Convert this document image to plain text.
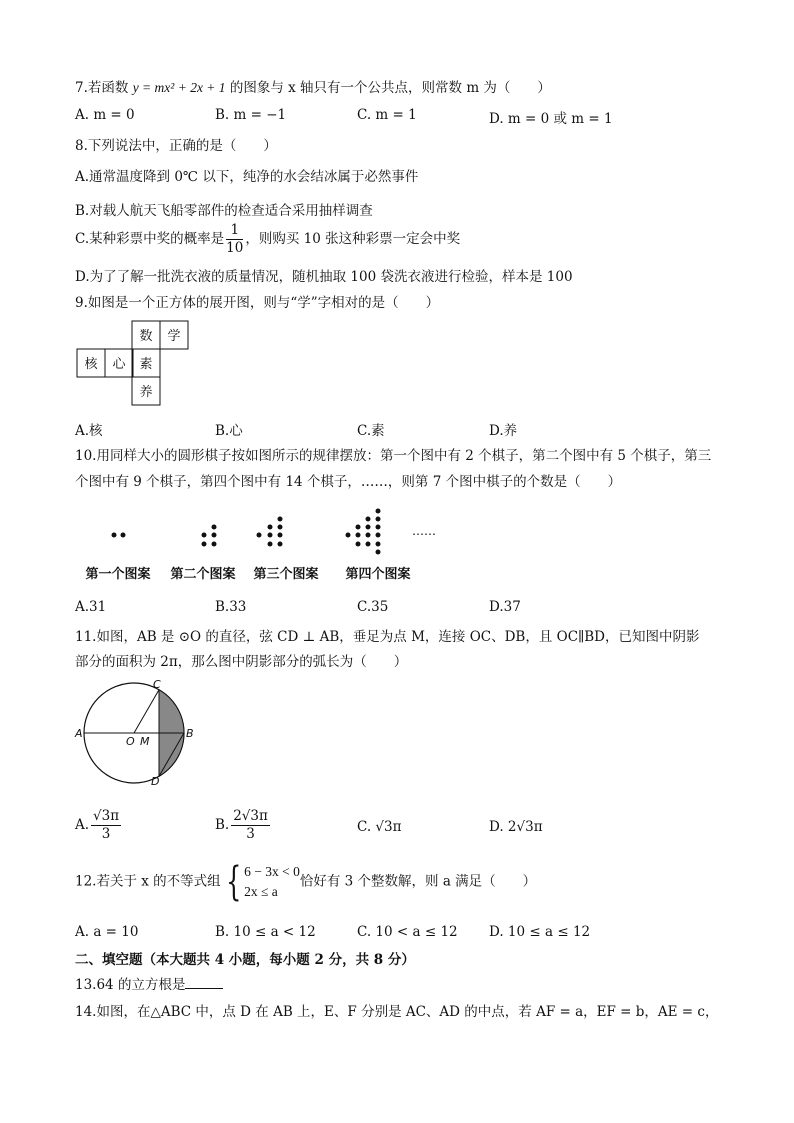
7.若函数 y = mx² + 2x + 1 的图象与 x 轴只有一个公共点，则常数 m 为（　　）
A. m = 0	B. m = −1	C. m = 1	D. m = 0 或 m = 1
8.下列说法中，正确的是（　　）
A.通常温度降到 0℃ 以下，纯净的水会结冰属于必然事件
B.对载人航天飞船零部件的检查适合采用抽样调查
C.某种彩票中奖的概率是 $\frac{1}{10}$ ，则购买 10 张这种彩票一定会中奖
D.为了了解一批洗衣液的质量情况，随机抽取 100 袋洗衣液进行检验，样本是 100
9.如图是一个正方体的展开图，则与“学”字相对的是（　　）
数 学
核 心 素
养
A.核	B.心	C.素	D.养
10.用同样大小的圆形棋子按如图所示的规律摆放：第一个图中有 2 个棋子，第二个图中有 5 个棋子，第三
个图中有 9 个棋子，第四个图中有 14 个棋子，……，则第 7 个图中棋子的个数是（　　）
……
第一个图案 第二个图案 第三个图案 第四个图案
A.31	B.33	C.35	D.37
11.如图，AB 是 ⊙O 的直径，弦 CD ⊥ AB，垂足为点 M，连接 OC、DB，且 OC∥BD，已知图中阴影
部分的面积为 2π，那么图中阴影部分的弧长为（　　）
A	B
C
D
O M
A. $\frac{√3\pi}{3}$	B. $\frac{2√3\pi}{3}$	C. √3π	D. 2√3π
12.若关于 x 的不等式组 { 6 − 3x < 0
2x ≤ a
恰好有 3 个整数解，则 a 满足（　　）
A. a = 10	B. 10 ≤ a < 12	C. 10 < a ≤ 12 D. 10 ≤ a ≤ 12
二、填空题（本大题共 4 小题，每小题 2 分，共 8 分）
13.64 的立方根是
14.如图，在△ABC 中，点 D 在 AB 上，E、F 分别是 AC、AD 的中点，若 AF = a，EF = b，AE = c，
